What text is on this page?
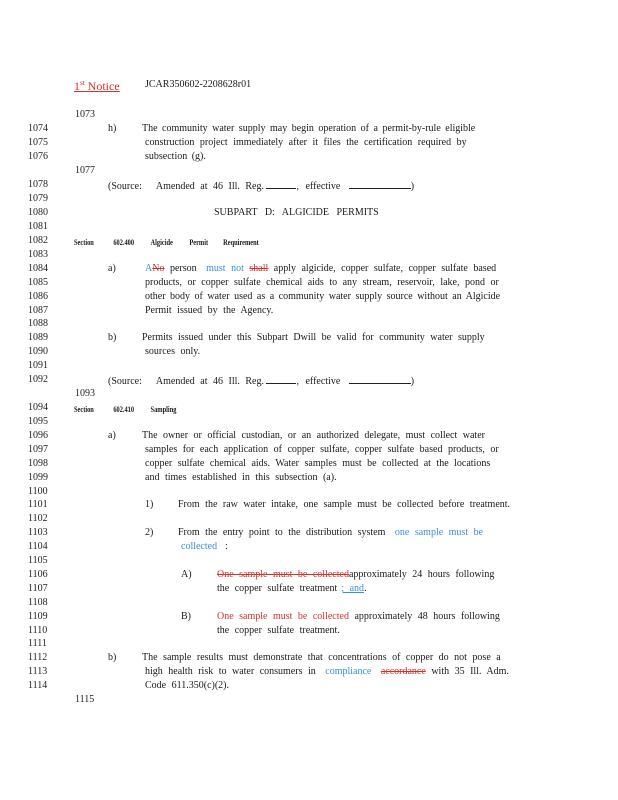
1st Notice	JCAR350602-2208628r01
1073
1074
1075
1076
1077
1078
1079
1080
1081
1082
1083
1084
1085
1086
1087
1088
1089
1090
1091
1092
1093
1094
1095
1096
1097
1098
1099
1100
1101
1102
1103
1104
1105
1106
1107
1108
1109
1110
1111
1112
1113
1114
1115
h)	The community water supply may begin operation of a permit-by-rule eligible
construction project immediately after it files the certification required by
subsection (g).
(Source: Amended at 46 Ill. Reg.	, effective	)
SUBPART D: ALGICIDE PERMITS
Section 602.400 Algicide Permit Requirement
a)	ANo person must not shall apply algicide, copper sulfate, copper sulfate based
products, or copper sulfate chemical aids to any stream, reservoir, lake, pond or
other body of water used as a community water supply source without an Algicide
Permit issued by the Agency.
b)	Permits issued under this Subpart Dwill be valid for community water supply
sources only.
(Source: Amended at 46 Ill. Reg.	, effective	)
Section 602.410 Sampling
a)	The owner or official custodian, or an authorized delegate, must collect water
samples for each application of copper sulfate, copper sulfate based products, or
copper sulfate chemical aids. Water samples must be collected at the locations
and times established in this subsection (a).
1) From the raw water intake, one sample must be collected before treatment.
2) From the entry point to the distribution system one sample must be
collected :
A)	One sample must be collectedapproximately 24 hours following
the copper sulfate treatment ; and.
B)	One sample must be collected approximately 48 hours following
the copper sulfate treatment.
b)	The sample results must demonstrate that concentrations of copper do not pose a
high health risk to water consumers in compliance accordance with 35 Ill. Adm.
Code 611.350(c)(2).
